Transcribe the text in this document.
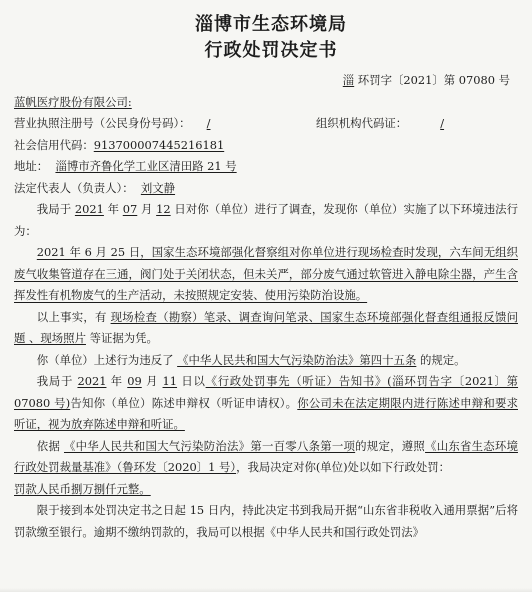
淄博市生态环境局
行政处罚决定书
淄 环罚字〔2021〕第 07080 号
蓝帆医疗股份有限公司:
营业执照注册号（公民身份号码）： /	组织机构代码证：	/
社会信用代码：913700007445216181
地址： 淄博市齐鲁化学工业区清田路 21 号
法定代表人（负责人）： 刘文静
我局于 2021 年 07 月 12 日对你（单位）进行了调查，发现你（单位）实施了以下环境违法行为：
2021 年 6 月 25 日，国家生态环境部强化督察组对你单位进行现场检查时发现，六车间无组织废气收集管道存在三通，阀门处于关闭状态，但未关严，部分废气通过软管进入静电除尘器，产生含挥发性有机物废气的生产活动，未按照规定安装、使用污染防治设施。
以上事实，有 现场检查（勘察）笔录、调查询问笔录、国家生态环境部强化督查组通报反馈问题 、现场照片 等证据为凭。
你（单位）上述行为违反了 《中华人民共和国大气污染防治法》第四十五条 的规定。
我局于 2021 年 09 月 11 日以《行政处罚事先（听证）告知书》(淄环罚告字〔2021〕第 07080 号)告知你（单位）陈述申辩权（听证申请权）。你公司未在法定期限内进行陈述申辩和要求听证，视为放弃陈述申辩和听证。
依据 《中华人民共和国大气污染防治法》第一百零八条第一项的规定，遵照《山东省生态环境行政处罚裁量基准》（鲁环发〔2020〕1 号），我局决定对你(单位)处以如下行政处罚：
罚款人民币捌万捌仟元整。
限于接到本处罚决定书之日起 15 日内，持此决定书到我局开据“山东省非税收入通用票据”后将罚款缴至银行。逾期不缴纳罚款的，我局可以根据《中华人民共和国行政处罚法》
